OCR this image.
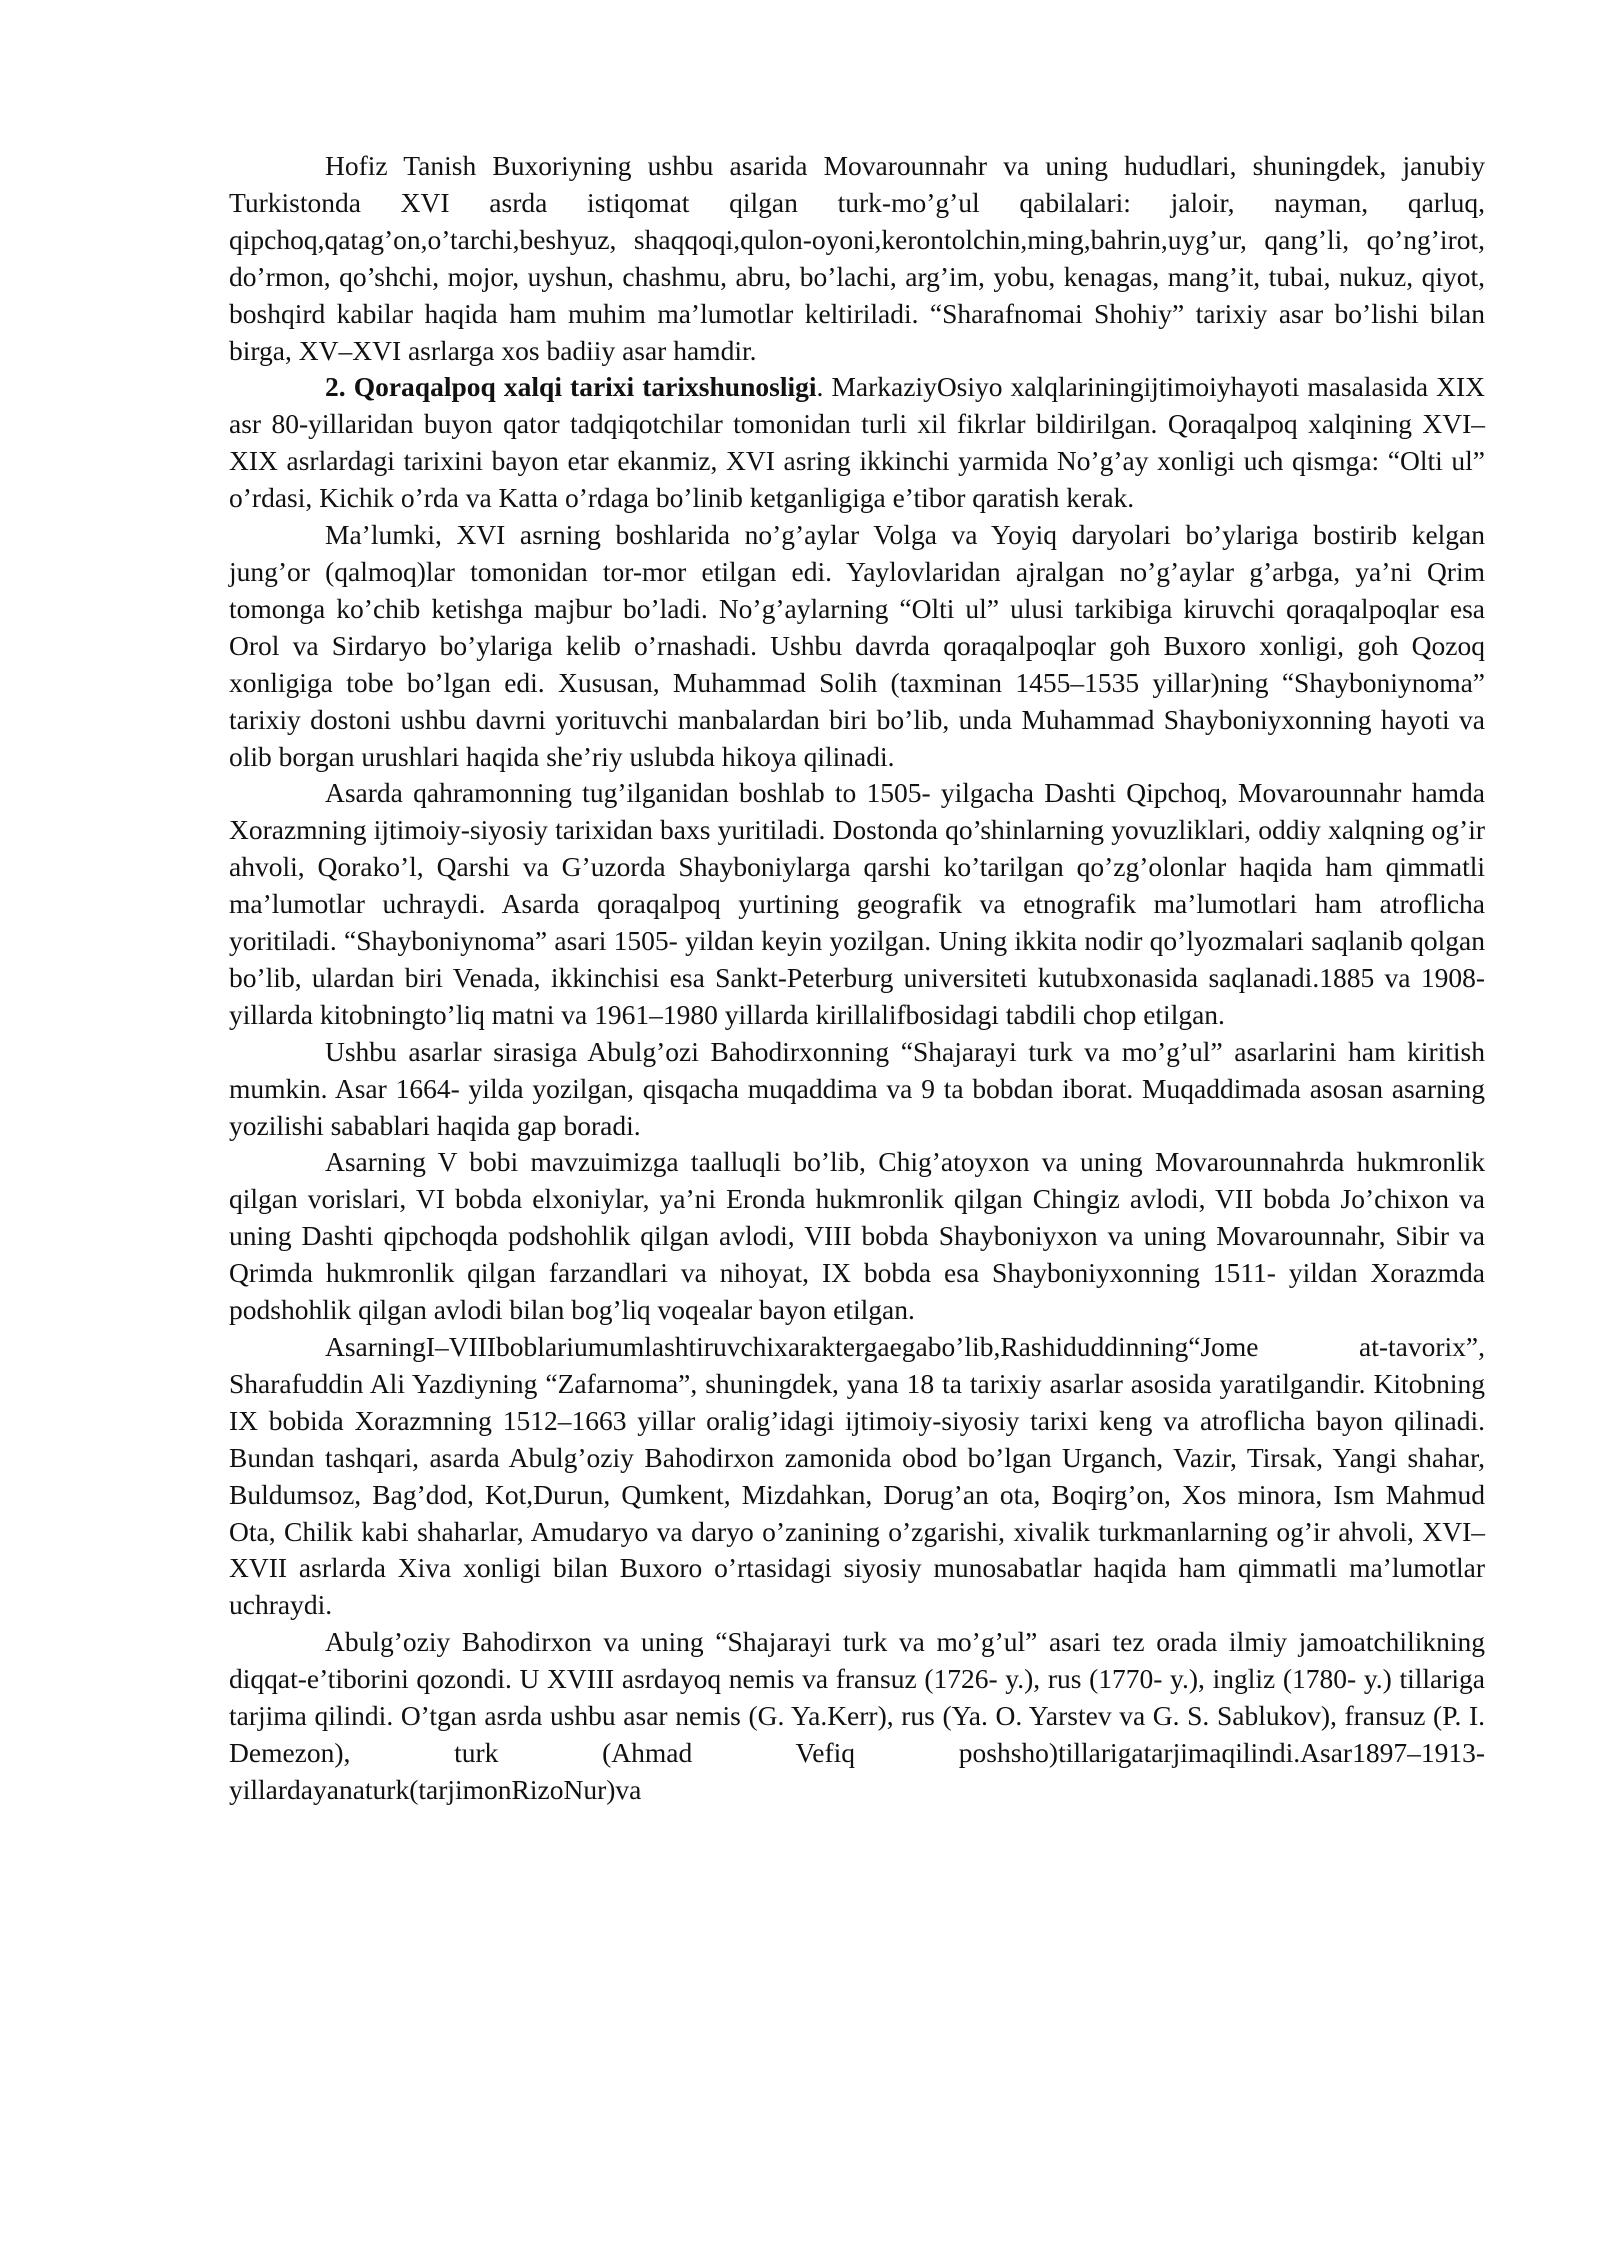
Hofiz Tanish Buxoriyning ushbu asarida Movarounnahr va uning hududlari, shuningdek, janubiy Turkistonda XVI asrda istiqomat qilgan turk-mo’g’ul qabilalari: jaloir, nayman, qarluq, qipchoq,qatag’on,o’tarchi,beshyuz, shaqqoqi,qulon-oyoni,kerontolchin,ming,bahrin,uyg’ur, qang’li, qo’ng’irot, do’rmon, qo’shchi, mojor, uyshun, chashmu, abru, bo’lachi, arg’im, yobu, kenagas, mang’it, tubai, nukuz, qiyot, boshqird kabilar haqida ham muhim ma’lumotlar keltiriladi. “Sharafnomai Shohiy” tarixiy asar bo’lishi bilan birga, XV–XVI asrlarga xos badiiy asar hamdir.

2. Qoraqalpoq xalqi tarixi tarixshunosligi. MarkaziyOsiyo xalqlariningijtimoiyhayoti masalasida XIX asr 80-yillaridan buyon qator tadqiqotchilar tomonidan turli xil fikrlar bildirilgan. Qoraqalpoq xalqining XVI–XIX asrlardagi tarixini bayon etar ekanmiz, XVI asring ikkinchi yarmida No’g’ay xonligi uch qismga: “Olti ul” o’rdasi, Kichik o’rda va Katta o’rdaga bo’linib ketganligiga e’tibor qaratish kerak.

Ma’lumki, XVI asrning boshlarida no’g’aylar Volga va Yoyiq daryolari bo’ylariga bostirib kelgan jung’or (qalmoq)lar tomonidan tor-mor etilgan edi. Yaylovlaridan ajralgan no’g’aylar g’arbga, ya’ni Qrim tomonga ko’chib ketishga majbur bo’ladi. No’g’aylarning “Olti ul” ulusi tarkibiga kiruvchi qoraqalpoqlar esa Orol va Sirdaryo bo’ylariga kelib o’rnashadi. Ushbu davrda qoraqalpoqlar goh Buxoro xonligi, goh Qozoq xonligiga tobe bo’lgan edi. Xususan, Muhammad Solih (taxminan 1455–1535 yillar)ning “Shayboniynoma” tarixiy dostoni ushbu davrni yorituvchi manbalardan biri bo’lib, unda Muhammad Shayboniyxonning hayoti va olib borgan urushlari haqida she’riy uslubda hikoya qilinadi.

Asarda qahramonning tug’ilganidan boshlab to 1505- yilgacha Dashti Qipchoq, Movarounnahr hamda Xorazmning ijtimoiy-siyosiy tarixidan baxs yuritiladi. Dostonda qo’shinlarning yovuzliklari, oddiy xalqning og’ir ahvoli, Qorako’l, Qarshi va G’uzorda Shayboniylarga qarshi ko’tarilgan qo’zg’olonlar haqida ham qimmatli ma’lumotlar uchraydi. Asarda qoraqalpoq yurtining geografik va etnografik ma’lumotlari ham atroflicha yoritiladi. “Shayboniynoma” asari 1505- yildan keyin yozilgan. Uning ikkita nodir qo’lyozmalari saqlanib qolgan bo’lib, ulardan biri Venada, ikkinchisi esa Sankt-Peterburg universiteti kutubxonasida saqlanadi.1885 va 1908- yillarda kitobningto’liq matni va 1961–1980 yillarda kirillalifbosidagi tabdili chop etilgan.

Ushbu asarlar sirasiga Abulg’ozi Bahodirxonning “Shajarayi turk va mo’g’ul” asarlarini ham kiritish mumkin. Asar 1664- yilda yozilgan, qisqacha muqaddima va 9 ta bobdan iborat. Muqaddimada asosan asarning yozilishi sabablari haqida gap boradi.

Asarning V bobi mavzuimizga taalluqli bo’lib, Chig’atoyxon va uning Movarounnahrda hukmronlik qilgan vorislari, VI bobda elxoniylar, ya’ni Eronda hukmronlik qilgan Chingiz avlodi, VII bobda Jo’chixon va uning Dashti qipchoqda podshohlik qilgan avlodi, VIII bobda Shayboniyxon va uning Movarounnahr, Sibir va Qrimda hukmronlik qilgan farzandlari va nihoyat, IX bobda esa Shayboniyxonning 1511- yildan Xorazmda podshohlik qilgan avlodi bilan bog’liq voqealar bayon etilgan.

AsarningI–VIIIboblariumumlashtiruvchixaraktergaegabo’lib,Rashiduddinning“Jome at-tavorix”, Sharafuddin Ali Yazdiyning “Zafarnoma”, shuningdek, yana 18 ta tarixiy asarlar asosida yaratilgandir. Kitobning IX bobida Xorazmning 1512–1663 yillar oralig’idagi ijtimoiy-siyosiy tarixi keng va atroflicha bayon qilinadi. Bundan tashqari, asarda Abulg’oziy Bahodirxon zamonida obod bo’lgan Urganch, Vazir, Tirsak, Yangi shahar, Buldumsoz, Bag’dod, Kot,Durun, Qumkent, Mizdahkan, Dorug’an ota, Boqirg’on, Xos minora, Ism Mahmud Ota, Chilik kabi shaharlar, Amudaryo va daryo o’zanining o’zgarishi, xivalik turkmanlarning og’ir ahvoli, XVI–XVII asrlarda Xiva xonligi bilan Buxoro o’rtasidagi siyosiy munosabatlar haqida ham qimmatli ma’lumotlar uchraydi.

Abulg’oziy Bahodirxon va uning “Shajarayi turk va mo’g’ul” asari tez orada ilmiy jamoatchilikning diqqat-e’tiborini qozondi. U XVIII asrdayoq nemis va fransuz (1726- y.), rus (1770- y.), ingliz (1780- y.) tillariga tarjima qilindi. O’tgan asrda ushbu asar nemis (G. Ya.Kerr), rus (Ya. O. Yarstev va G. S. Sablukov), fransuz (P. I. Demezon), turk (Ahmad Vefiq poshsho)tillarigatarjimaqilindi.Asar1897–1913-yillardayanaturk(tarjimonRizoNur)va
